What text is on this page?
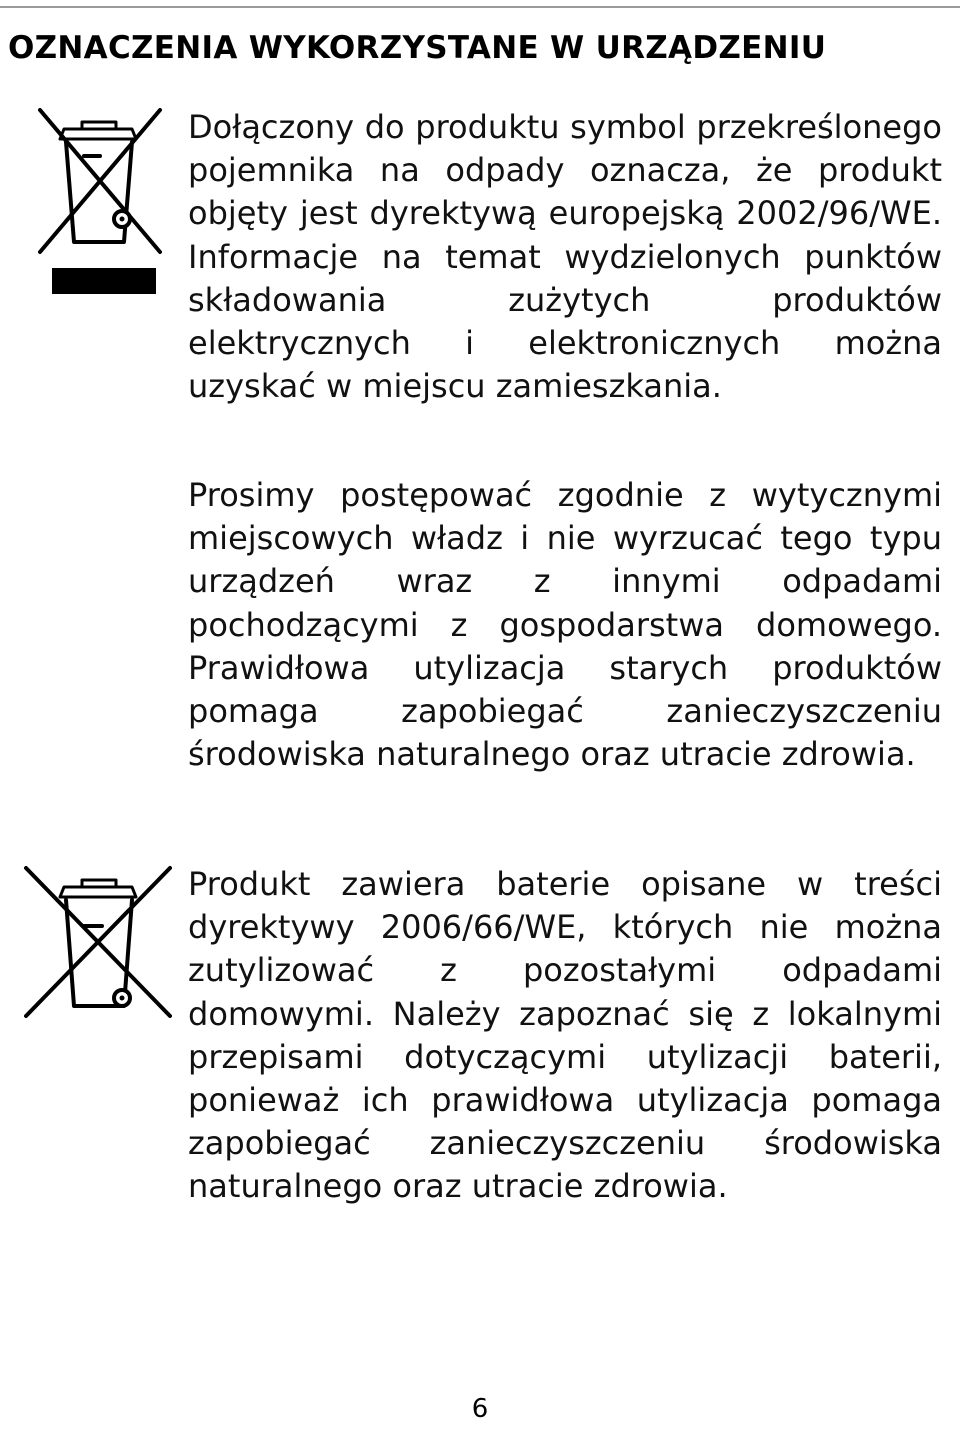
OZNACZENIA WYKORZYSTANE W URZĄDZENIU

Dołączony do produktu symbol przekreślonego pojemnika na odpady oznacza, że produkt objęty jest dyrektywą europejską 2002/96/WE. Informacje na temat wydzielonych punktów składowania zużytych produktów elektrycznych i elektronicznych można uzyskać w miejscu zamieszkania.

Prosimy postępować zgodnie z wytycznymi miejscowych władz i nie wyrzucać tego typu urządzeń wraz z innymi odpadami pochodzącymi z gospodarstwa domowego. Prawidłowa utylizacja starych produktów pomaga zapobiegać zanieczyszczeniu środowiska naturalnego oraz utracie zdrowia.

Produkt zawiera baterie opisane w treści dyrektywy 2006/66/WE, których nie można zutylizować z pozostałymi odpadami domowymi. Należy zapoznać się z lokalnymi przepisami dotyczącymi utylizacji baterii, ponieważ ich prawidłowa utylizacja pomaga zapobiegać zanieczyszczeniu środowiska naturalnego oraz utracie zdrowia.

6
